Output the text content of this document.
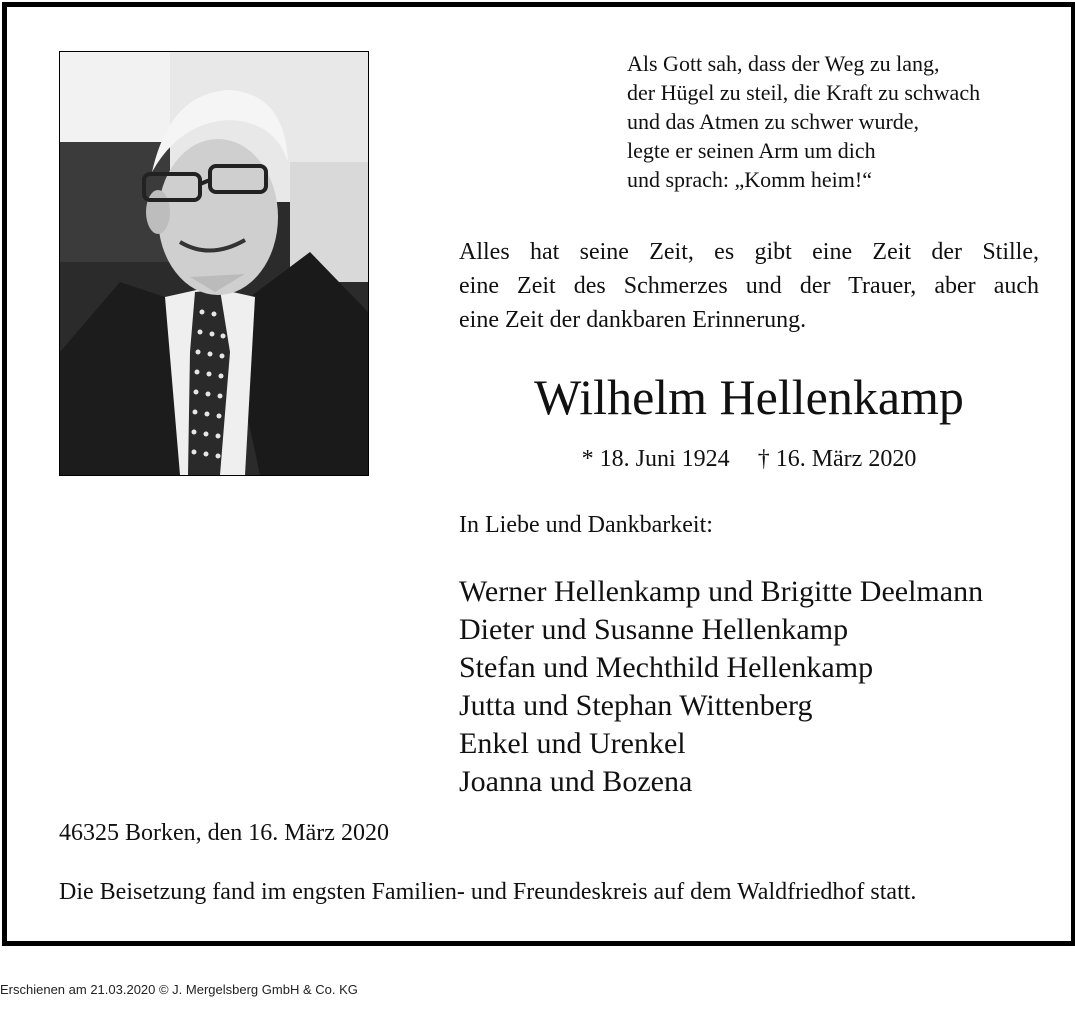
Als Gott sah, dass der Weg zu lang,
der Hügel zu steil, die Kraft zu schwach
und das Atmen zu schwer wurde,
legte er seinen Arm um dich
und sprach: „Komm heim!“
Alles hat seine Zeit, es gibt eine Zeit der Stille,
eine Zeit des Schmerzes und der Trauer, aber auch
eine Zeit der dankbaren Erinnerung.
Wilhelm Hellenkamp
* 18. Juni 1924 † 16. März 2020
In Liebe und Dankbarkeit:
Werner Hellenkamp und Brigitte Deelmann
Dieter und Susanne Hellenkamp
Stefan und Mechthild Hellenkamp
Jutta und Stephan Wittenberg
Enkel und Urenkel
Joanna und Bozena
46325 Borken, den 16. März 2020
Die Beisetzung fand im engsten Familien- und Freundeskreis auf dem Waldfriedhof statt.
Erschienen am 21.03.2020 © J. Mergelsberg GmbH & Co. KG
